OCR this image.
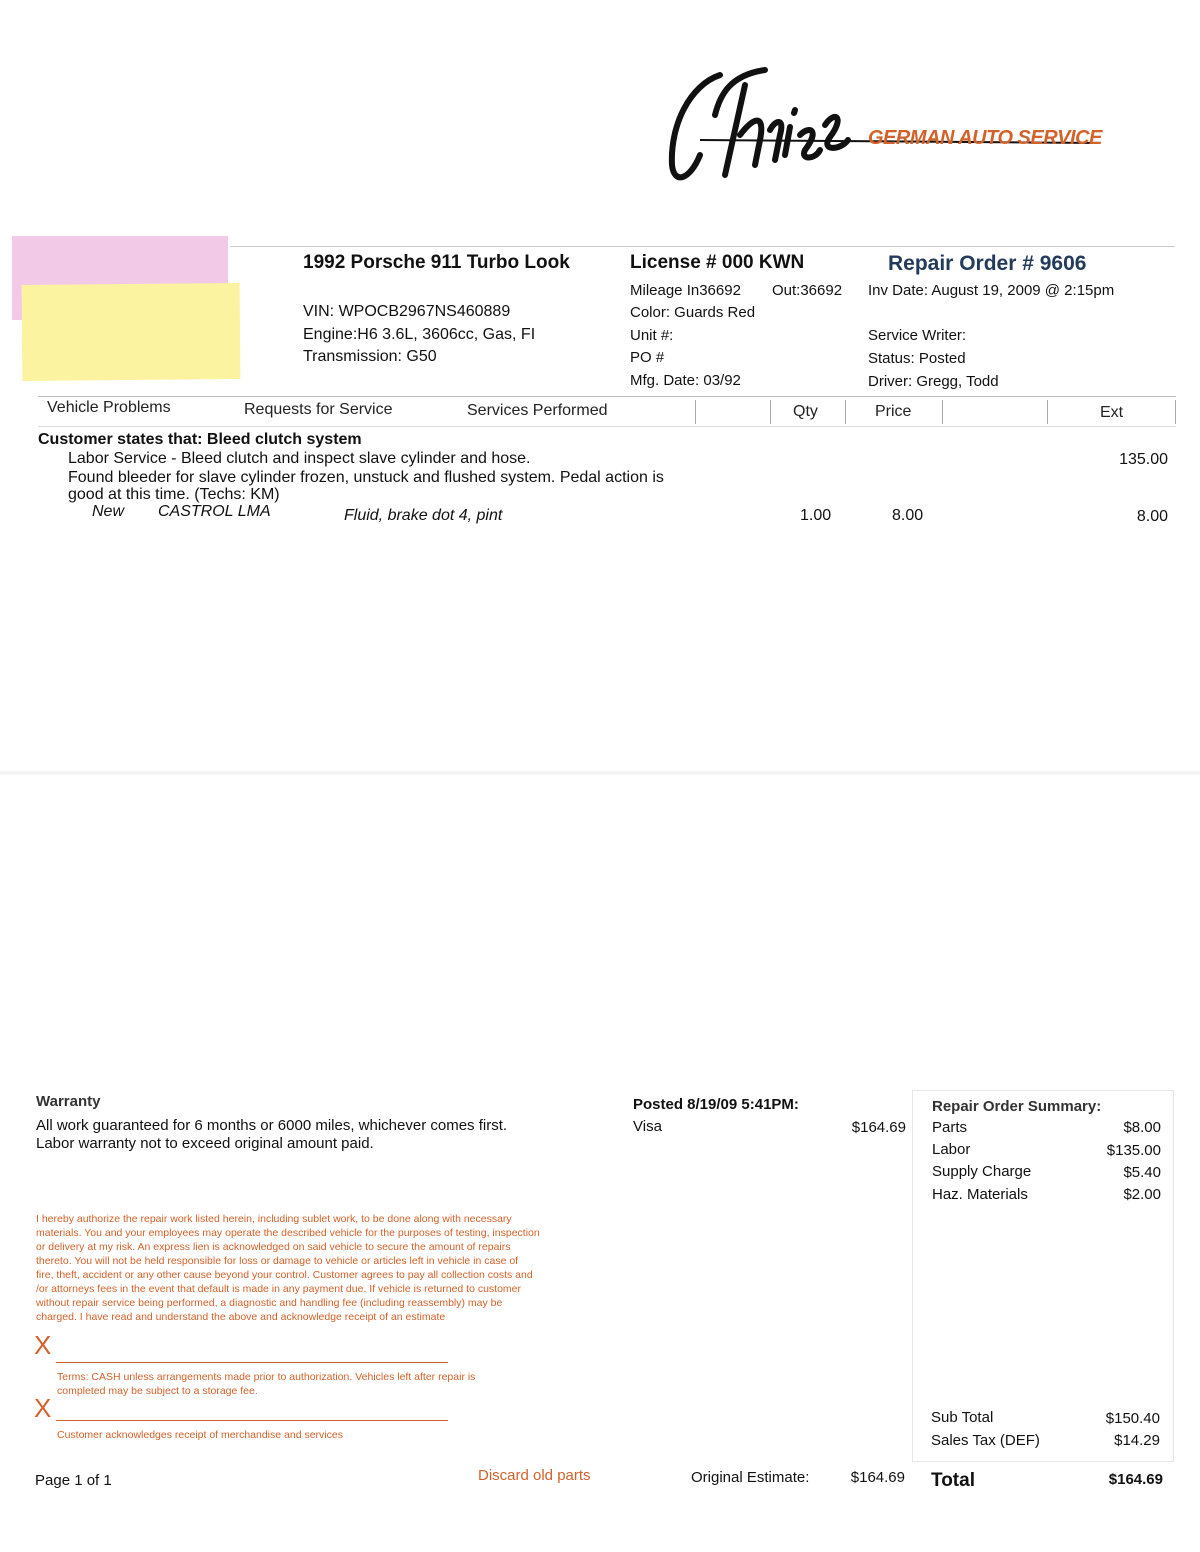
GERMAN AUTO SERVICE
1992 Porsche 911 Turbo Look
VIN: WPOCB2967NS460889
Engine:H6 3.6L, 3606cc, Gas, FI
Transmission: G50
License # 000 KWN
Mileage In36692 Out:36692
Color: Guards Red
Unit #:
PO #
Mfg. Date: 03/92
Repair Order # 9606
Inv Date: August 19, 2009 @ 2:15pm
Service Writer:
Status: Posted
Driver: Gregg, Todd
Vehicle Problems	Requests for Service	Services Performed	Qty	Price	Ext
Customer states that: Bleed clutch system
Labor Service - Bleed clutch and inspect slave cylinder and hose.	135.00
Found bleeder for slave cylinder frozen, unstuck and flushed system. Pedal action is
good at this time. (Techs: KM)
New CASTROL LMA	Fluid, brake dot 4, pint	1.00	8.00	8.00
Warranty
All work guaranteed for 6 months or 6000 miles, whichever comes first.
Labor warranty not to exceed original amount paid.
I hereby authorize the repair work listed herein, including sublet work, to be done along with necessary
materials. You and your employees may operate the described vehicle for the purposes of testing, inspection
or delivery at my risk. An express lien is acknowledged on said vehicle to secure the amount of repairs
thereto. You will not be held responsible for loss or damage to vehicle or articles left in vehicle in case of
fire, theft, accident or any other cause beyond your control. Customer agrees to pay all collection costs and
/or attorneys fees in the event that default is made in any payment due. If vehicle is returned to customer
without repair service being performed, a diagnostic and handling fee (including reassembly) may be
charged. I have read and understand the above and acknowledge receipt of an estimate
X
Terms: CASH unless arrangements made prior to authorization. Vehicles left after repair is
completed may be subject to a storage fee.
X
Customer acknowledges receipt of merchandise and services
Posted 8/19/09 5:41PM:
Visa	$164.69
Repair Order Summary:
Parts	$8.00
Labor	$135.00
Supply Charge	$5.40
Haz. Materials	$2.00
Sub Total	$150.40
Sales Tax (DEF)	$14.29
Total	$164.69
Page 1 of 1	Discard old parts	Original Estimate:	$164.69
